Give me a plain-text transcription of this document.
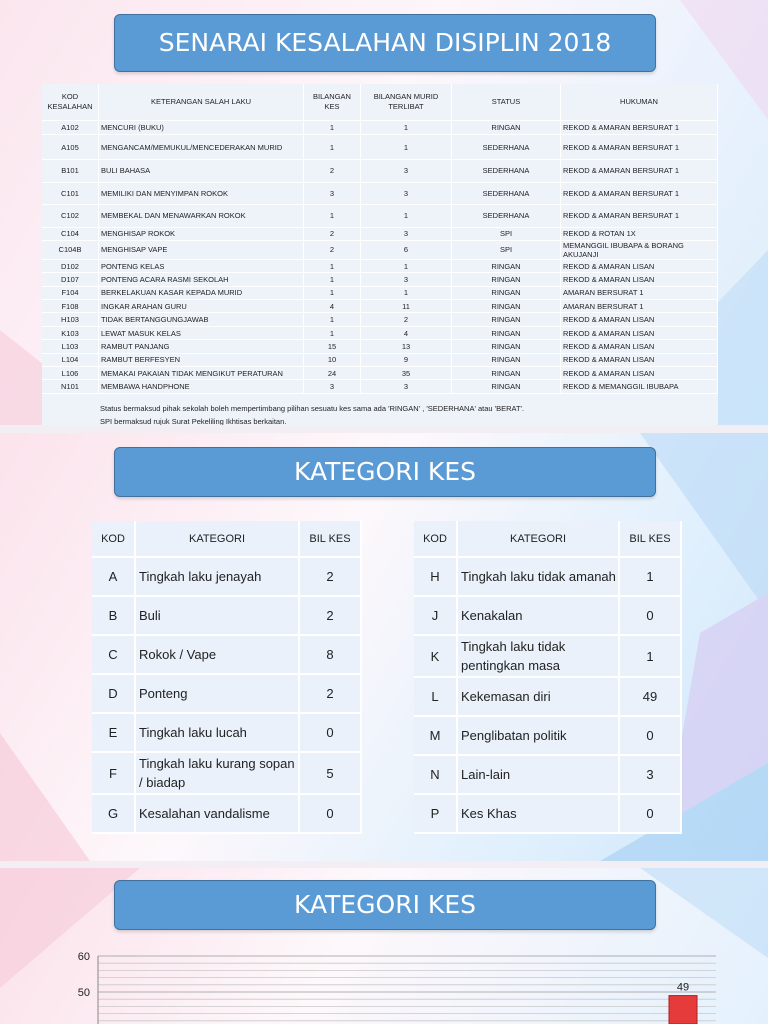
SENARAI KESALAHAN DISIPLIN 2018
KOD KESALAHAN	KETERANGAN SALAH LAKU	BILANGAN KES	BILANGAN MURID TERLIBAT	STATUS	HUKUMAN
A102	MENCURI (BUKU)	1	1	RINGAN	REKOD & AMARAN BERSURAT 1
A105	MENGANCAM/MEMUKUL/MENCEDERAKAN MURID	1	1	SEDERHANA	REKOD & AMARAN BERSURAT 1
B101	BULI BAHASA	2	3	SEDERHANA	REKOD & AMARAN BERSURAT 1
C101	MEMILIKI DAN MENYIMPAN ROKOK	3	3	SEDERHANA	REKOD & AMARAN BERSURAT 1
C102	MEMBEKAL DAN MENAWARKAN ROKOK	1	1	SEDERHANA	REKOD & AMARAN BERSURAT 1
C104	MENGHISAP ROKOK	2	3	SPI	REKOD & ROTAN 1X
C104B	MENGHISAP VAPE	2	6	SPI	MEMANGGIL IBUBAPA & BORANG AKUJANJI
D102	PONTENG KELAS	1	1	RINGAN	REKOD & AMARAN LISAN
D107	PONTENG ACARA RASMI SEKOLAH	1	3	RINGAN	REKOD & AMARAN LISAN
F104	BERKELAKUAN KASAR KEPADA MURID	1	1	RINGAN	AMARAN BERSURAT 1
F108	INGKAR ARAHAN GURU	4	11	RINGAN	AMARAN BERSURAT 1
H103	TIDAK BERTANGGUNGJAWAB	1	2	RINGAN	REKOD & AMARAN LISAN
K103	LEWAT MASUK KELAS	1	4	RINGAN	REKOD & AMARAN LISAN
L103	RAMBUT PANJANG	15	13	RINGAN	REKOD & AMARAN LISAN
L104	RAMBUT BERFESYEN	10	9	RINGAN	REKOD & AMARAN LISAN
L106	MEMAKAI PAKAIAN TIDAK MENGIKUT PERATURAN	24	35	RINGAN	REKOD & AMARAN LISAN
N101	MEMBAWA HANDPHONE	3	3	RINGAN	REKOD & MEMANGGIL IBUBAPA
Status bermaksud pihak sekolah boleh mempertimbang pilihan sesuatu kes sama ada 'RINGAN' , 'SEDERHANA' atau 'BERAT'.					
SPI bermaksud rujuk Surat Pekeliling Ikhtisas berkaitan.					
KATEGORI KES
KOD	KATEGORI	BIL KES
A	Tingkah laku jenayah	2
B	Buli	2
C	Rokok / Vape	8
D	Ponteng	2
E	Tingkah laku lucah	0
F	Tingkah laku kurang sopan / biadap	5
G	Kesalahan vandalisme	0
KOD	KATEGORI	BIL KES
H	Tingkah laku tidak amanah	1
J	Kenakalan	0
K	Tingkah laku tidak pentingkan masa	1
L	Kekemasan diri	49
M	Penglibatan politik	0
N	Lain-lain	3
P	Kes Khas	0
KATEGORI KES
60
50	49
